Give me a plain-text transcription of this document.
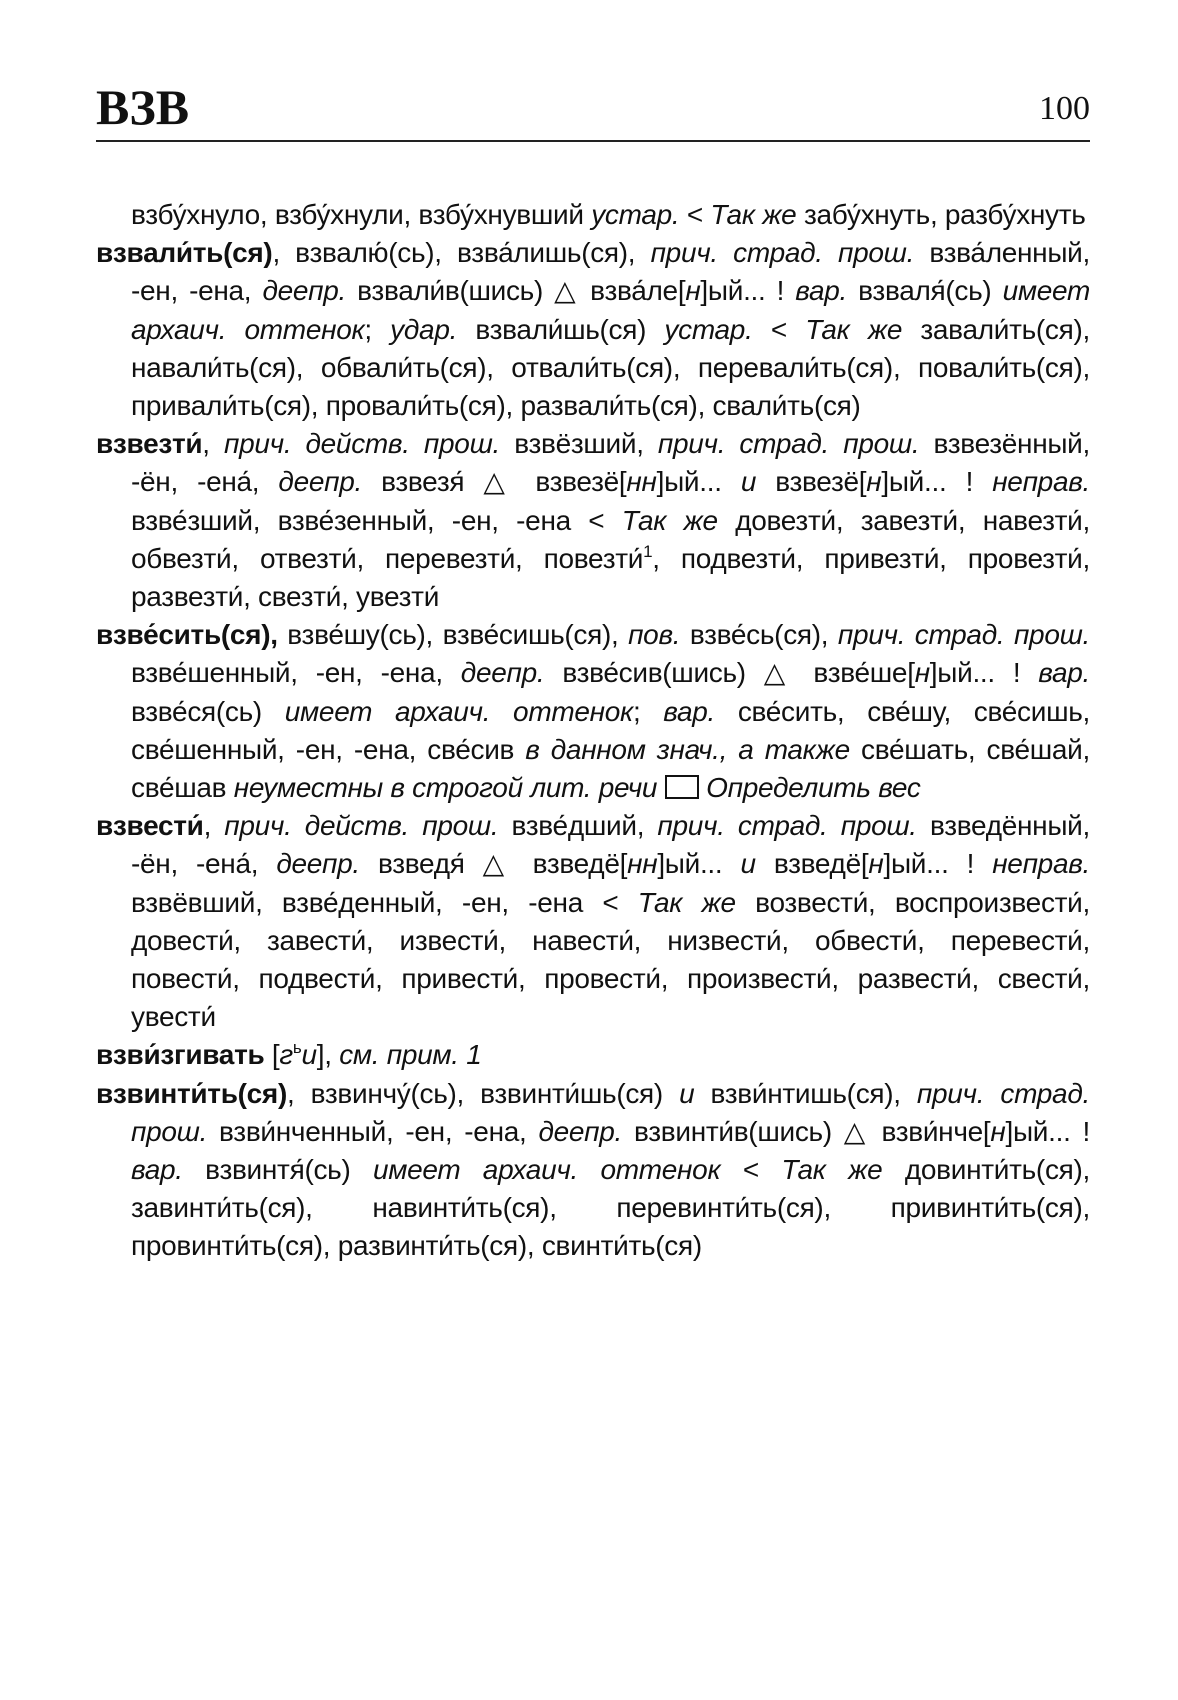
ВЗВ	100

взбу́хнуло, взбу́хнули, взбу́хнувший устар. < Так же забу́хнуть, разбу́хнуть

взвали́ть(ся), взвалю́(сь), взва́лишь(ся), прич. страд. прош. взва́ленный, -ен, -ена, деепр. взвали́в(шись) △ взва́ле[н]ый... ! вар. взваля́(сь) имеет архаич. оттенок; удар. взвали́шь(ся) устар. < Так же завали́ть(ся), навали́ть(ся), обвали́ть(ся), отвали́ть(ся), перевали́ть(ся), повали́ть(ся), привали́ть(ся), провали́ть(ся), развали́ть(ся), свали́ть(ся)

взвезти́, прич. действ. прош. взвёзший, прич. страд. прош. взвезённый, -ён, -ена́, деепр. взвезя́ △ взвезё[нн]ый... и взвезё[н]ый... ! неправ. взве́зший, взве́зенный, -ен, -ена < Так же довезти́, завезти́, навезти́, обвезти́, отвезти́, перевезти́, повезти́$^1$, подвезти́, привезти́, провезти́, развезти́, свезти́, увезти́

взве́сить(ся), взве́шу(сь), взве́сишь(ся), пов. взве́сь(ся), прич. страд. прош. взве́шенный, -ен, -ена, деепр. взве́сив(шись) △ взве́ше[н]ый... ! вар. взве́ся(сь) имеет архаич. оттенок; вар. све́сить, све́шу, све́сишь, све́шенный, -ен, -ена, све́сив в данном знач., а также све́шать, све́шай, све́шав неуместны в строгой лит. речи Определить вес

взвести́, прич. действ. прош. взве́дший, прич. страд. прош. взведённый, -ён, -ена́, деепр. взведя́ △ взведё[нн]ый... и взведё[н]ый... ! неправ. взвёвший, взве́денный, -ен, -ена < Так же возвести́, воспроизвести́, довести́, завести́, извести́, навести́, низвести́, обвести́, перевести́, повести́, подвести́, привести́, провести́, произвести́, развести́, свести́, увести́

взви́згивать $[г^ьи]$, см. прим. 1

взвинти́ть(ся), взвинчу́(сь), взвинти́шь(ся) и взви́нтишь(ся), прич. страд. прош. взви́нченный, -ен, -ена, деепр. взвинти́в(шись) △ взви́нче[н]ый... ! вар. взвинтя́(сь) имеет архаич. оттенок < Так же довинти́ть(ся), завинти́ть(ся), навинти́ть(ся), перевинти́ть(ся), привинти́ть(ся), провинти́ть(ся), развинти́ть(ся), свинти́ть(ся)
